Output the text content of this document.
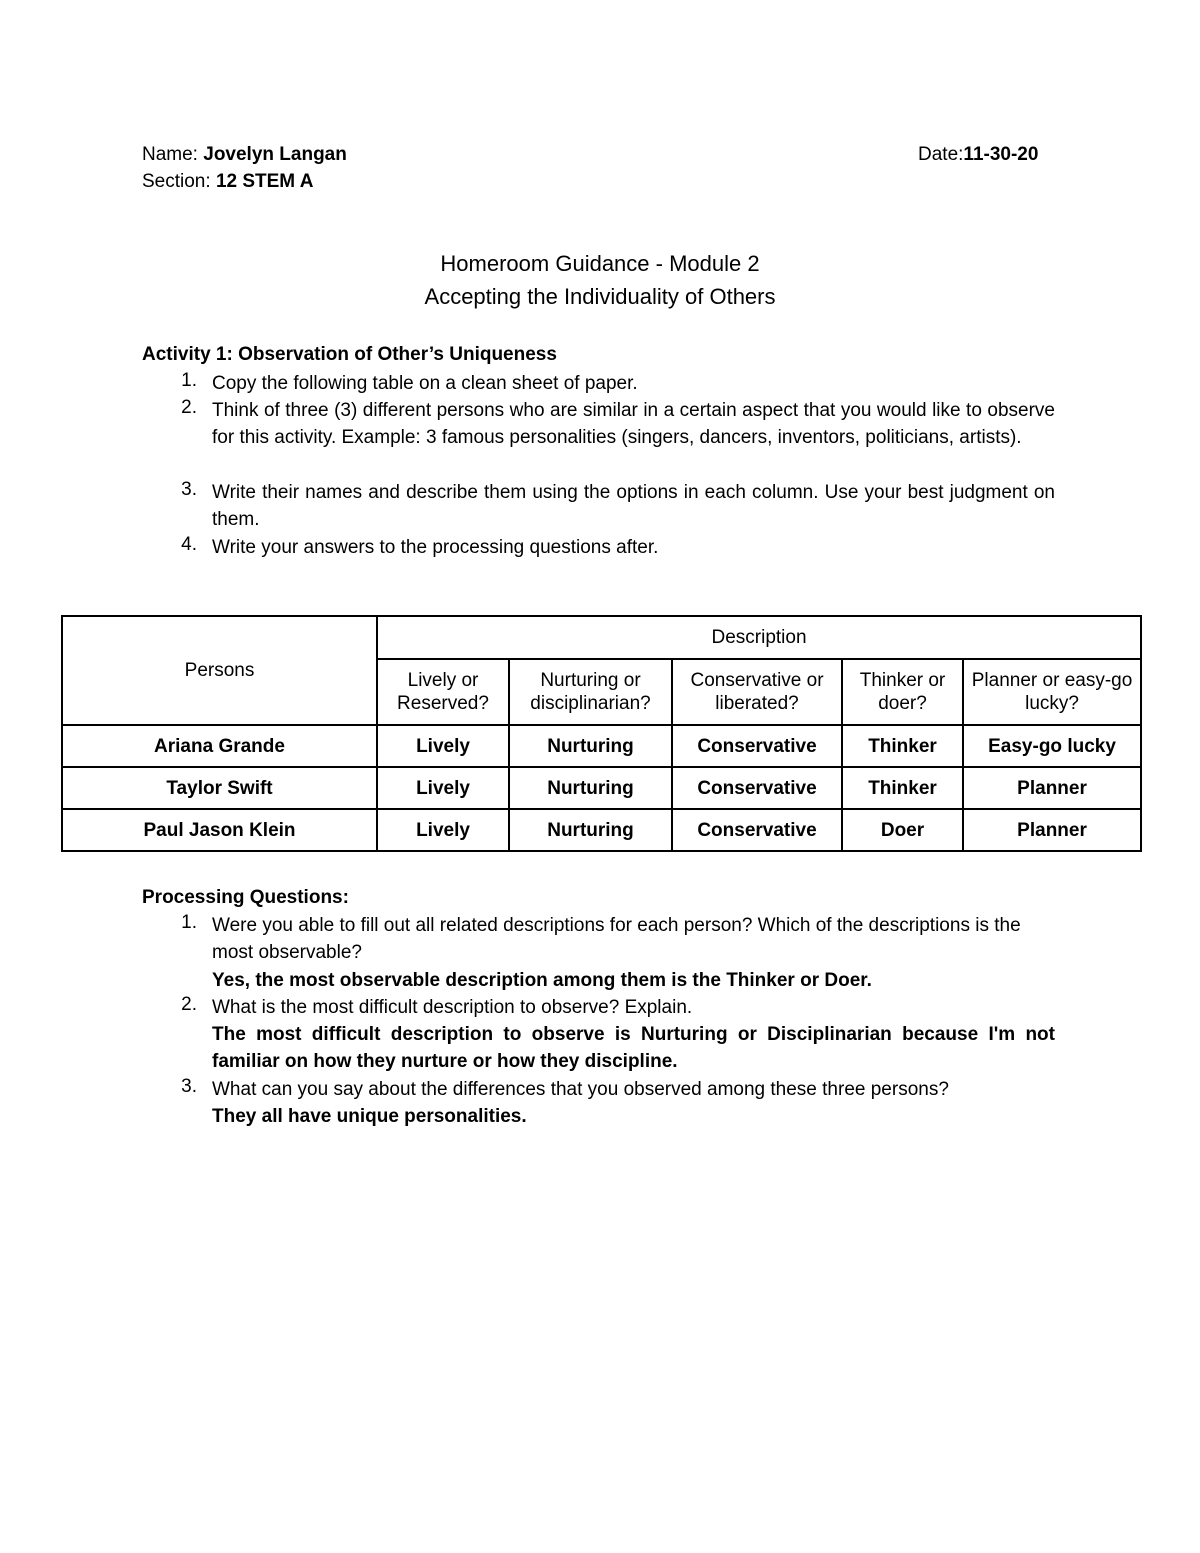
Name: Jovelyn Langan	Date:11-30-20
Section: 12 STEM A
Homeroom Guidance - Module 2
Accepting the Individuality of Others
Activity 1: Observation of Other’s Uniqueness
1. Copy the following table on a clean sheet of paper.
2. Think of three (3) different persons who are similar in a certain aspect that you would like to observe for this activity. Example: 3 famous personalities (singers, dancers, inventors, politicians, artists).
3. Write their names and describe them using the options in each column. Use your best judgment on them.
4. Write your answers to the processing questions after.
Persons	Description				
	Lively or Reserved?	Nurturing or disciplinarian?	Conservative or liberated?	Thinker or doer?	Planner or easy-go lucky?
Ariana Grande	Lively	Nurturing	Conservative	Thinker	Easy-go lucky
Taylor Swift	Lively	Nurturing	Conservative	Thinker	Planner
Paul Jason Klein	Lively	Nurturing	Conservative	Doer	Planner
Processing Questions:
1. Were you able to fill out all related descriptions for each person? Which of the descriptions is the most observable?
Yes, the most observable description among them is the Thinker or Doer.
2. What is the most difficult description to observe? Explain.
The most difficult description to observe is Nurturing or Disciplinarian because I'm not familiar on how they nurture or how they discipline.
3. What can you say about the differences that you observed among these three persons?
They all have unique personalities.
